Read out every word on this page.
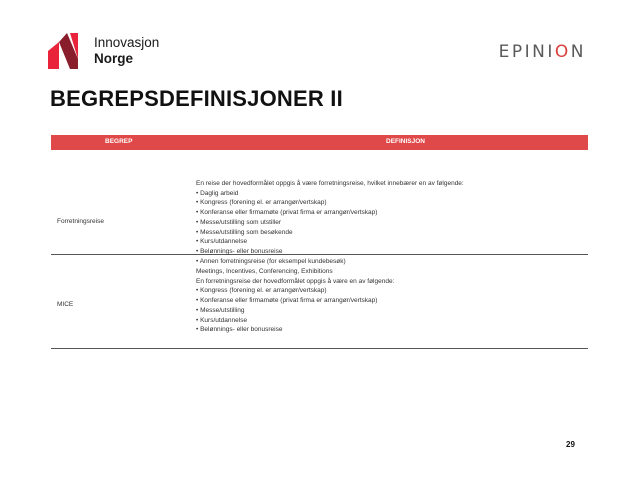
Innovasjon
Norge	EPINION
BEGREPSDEFINISJONER II
BEGREP	DEFINISJON
Forretningsreise
En reise der hovedformålet oppgis å være forretningsreise, hvilket innebærer en av følgende:
• Daglig arbeid
• Kongress (forening el. er arrangør/vertskap)
• Konferanse eller firmamøte (privat firma er arrangør/vertskap)
• Messe/utstilling som utstiller
• Messe/utstilling som besøkende
• Kurs/utdannelse
• Belønnings- eller bonusreise
• Annen forretningsreise (for eksempel kundebesøk)
MICE
Meetings, Incentives, Conferencing, Exhibitions
En forretningsreise der hovedformålet oppgis å være en av følgende:
• Kongress (forening el. er arrangør/vertskap)
• Konferanse eller firmamøte (privat firma er arrangør/vertskap)
• Messe/utstilling
• Kurs/utdannelse
• Belønnings- eller bonusreise
29
